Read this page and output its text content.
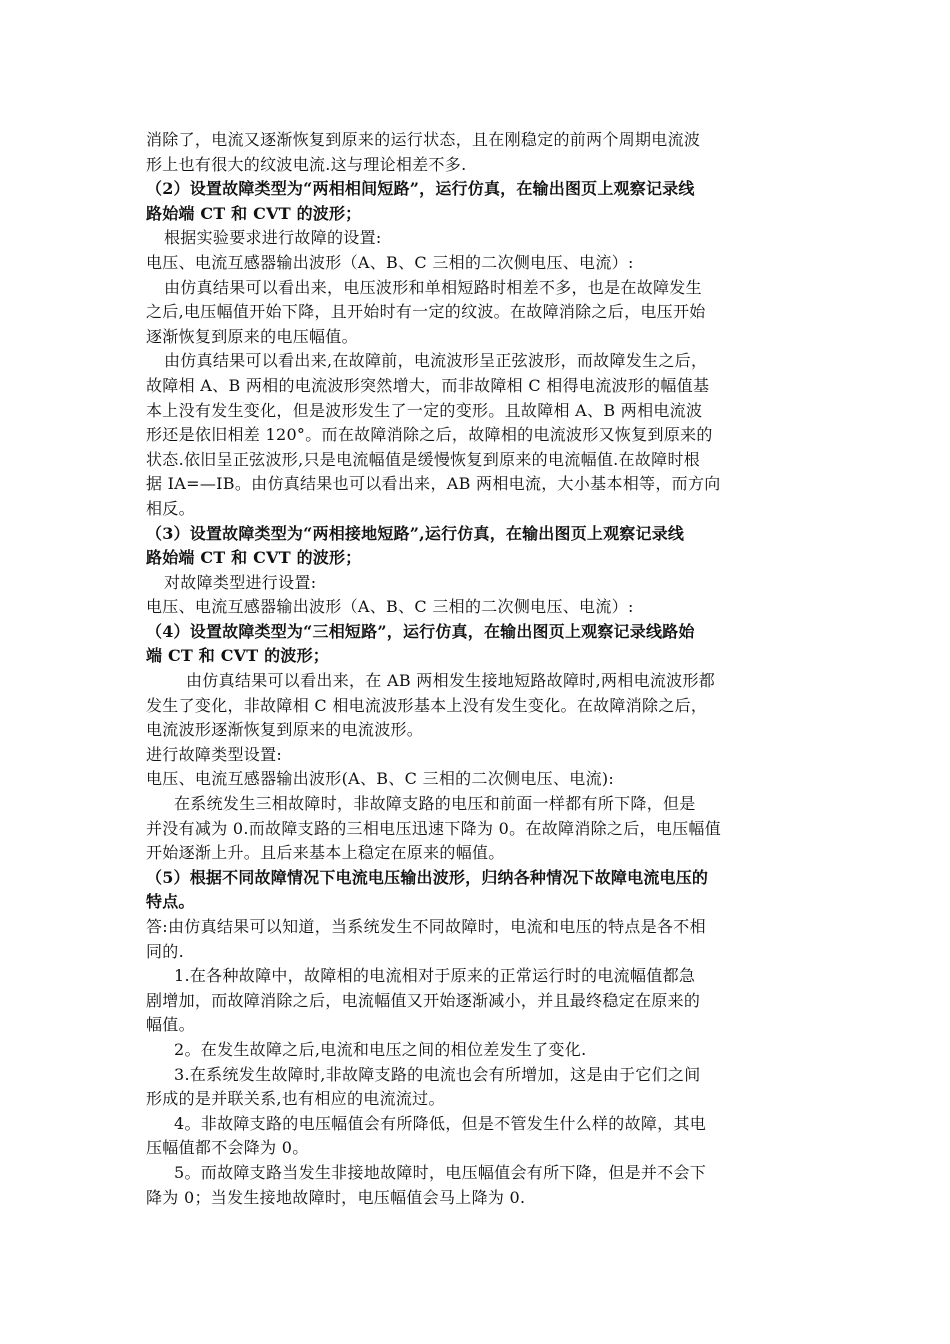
消除了，电流又逐渐恢复到原来的运行状态，且在刚稳定的前两个周期电流波
形上也有很大的纹波电流.这与理论相差不多.
（2）设置故障类型为“两相相间短路”，运行仿真，在输出图页上观察记录线
路始端 CT 和 CVT 的波形；
根据实验要求进行故障的设置:
电压、电流互感器输出波形（A、B、C 三相的二次侧电压、电流）:
由仿真结果可以看出来，电压波形和单相短路时相差不多，也是在故障发生
之后,电压幅值开始下降，且开始时有一定的纹波。在故障消除之后，电压开始
逐渐恢复到原来的电压幅值。
由仿真结果可以看出来,在故障前，电流波形呈正弦波形，而故障发生之后，
故障相 A、B 两相的电流波形突然增大，而非故障相 C 相得电流波形的幅值基
本上没有发生变化，但是波形发生了一定的变形。且故障相 A、B 两相电流波
形还是依旧相差 120°。而在故障消除之后，故障相的电流波形又恢复到原来的
状态.依旧呈正弦波形,只是电流幅值是缓慢恢复到原来的电流幅值.在故障时根
据 IA=—IB。由仿真结果也可以看出来，AB 两相电流，大小基本相等，而方向
相反。
（3）设置故障类型为“两相接地短路”,运行仿真，在输出图页上观察记录线
路始端 CT 和 CVT 的波形；
对故障类型进行设置:
电压、电流互感器输出波形（A、B、C 三相的二次侧电压、电流）:
（4）设置故障类型为“三相短路”，运行仿真，在输出图页上观察记录线路始
端 CT 和 CVT 的波形；
由仿真结果可以看出来，在 AB 两相发生接地短路故障时,两相电流波形都
发生了变化，非故障相 C 相电流波形基本上没有发生变化。在故障消除之后，
电流波形逐渐恢复到原来的电流波形。
进行故障类型设置:
电压、电流互感器输出波形(A、B、C 三相的二次侧电压、电流):
在系统发生三相故障时，非故障支路的电压和前面一样都有所下降，但是
并没有减为 0.而故障支路的三相电压迅速下降为 0。在故障消除之后，电压幅值
开始逐渐上升。且后来基本上稳定在原来的幅值。
（5）根据不同故障情况下电流电压输出波形，归纳各种情况下故障电流电压的
特点。
答:由仿真结果可以知道，当系统发生不同故障时，电流和电压的特点是各不相
同的.
1.在各种故障中，故障相的电流相对于原来的正常运行时的电流幅值都急
剧增加，而故障消除之后，电流幅值又开始逐渐减小，并且最终稳定在原来的
幅值。
2。在发生故障之后,电流和电压之间的相位差发生了变化.
3.在系统发生故障时,非故障支路的电流也会有所增加，这是由于它们之间
形成的是并联关系,也有相应的电流流过。
4。非故障支路的电压幅值会有所降低，但是不管发生什么样的故障，其电
压幅值都不会降为 0。
5。而故障支路当发生非接地故障时，电压幅值会有所下降，但是并不会下
降为 0；当发生接地故障时，电压幅值会马上降为 0.
